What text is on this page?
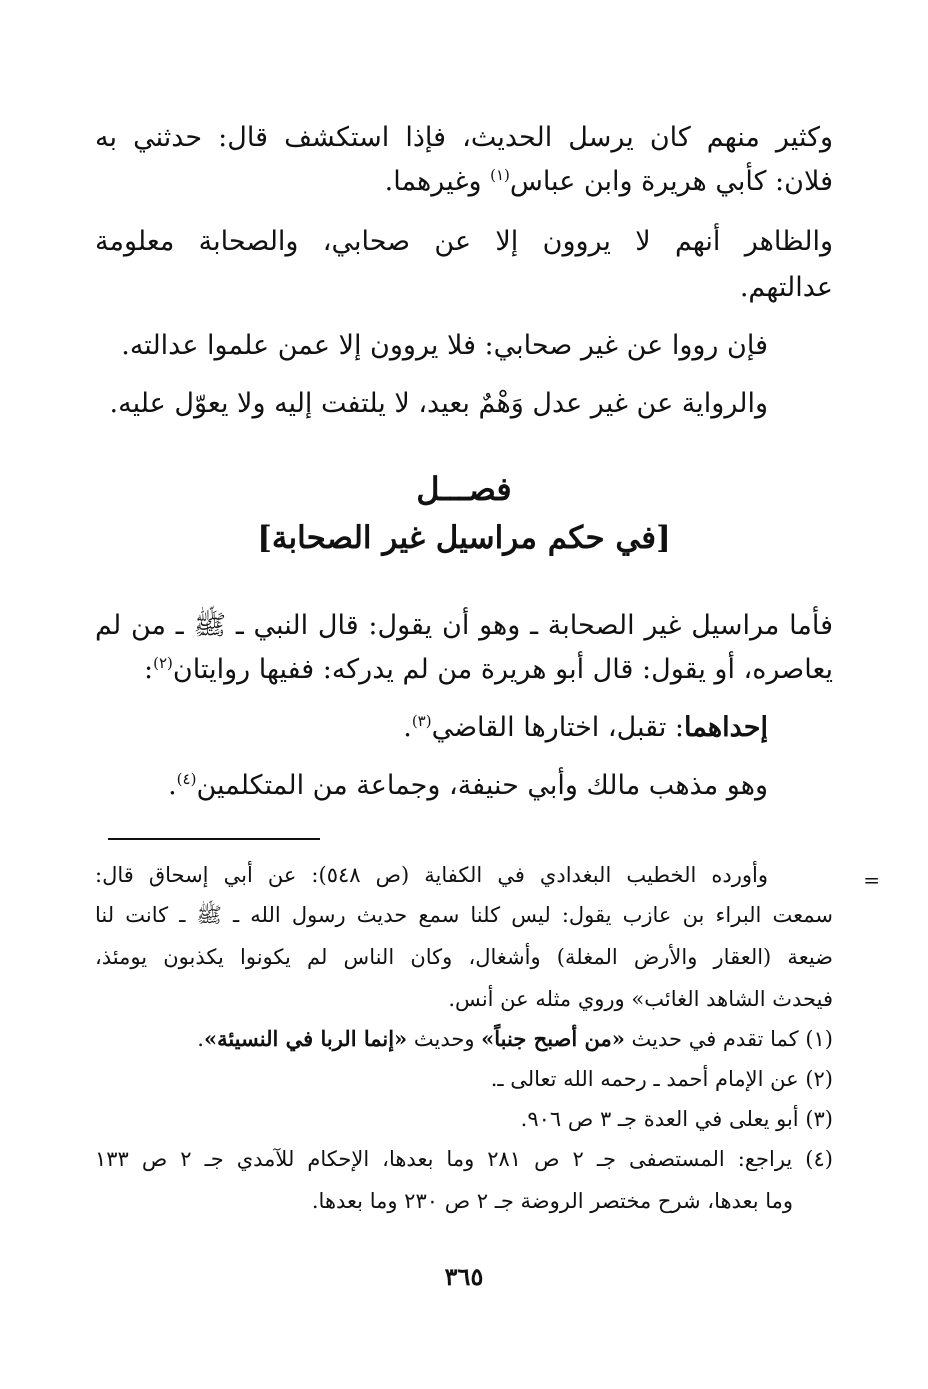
وكثير منهم كان يرسل الحديث، فإذا استكشف قال: حدثني به
فلان: كأبي هريرة وابن عباس$^{(١)}$ وغيرهما.
والظاهر أنهم لا يروون إلا عن صحابي، والصحابة معلومة
عدالتهم.
فإن رووا عن غير صحابي: فلا يروون إلا عمن علموا عدالته.
والرواية عن غير عدل وَهْمٌ بعيد، لا يلتفت إليه ولا يعوّل عليه.
فصـــل
[في حكم مراسيل غير الصحابة]
فأما مراسيل غير الصحابة ـ وهو أن يقول: قال النبي ـ ﷺ ـ من لم
يعاصره، أو يقول: قال أبو هريرة من لم يدركه: ففيها روايتان$^{(٢)}$:
إحداهما: تقبل، اختارها القاضي$^{(٣)}$.
وهو مذهب مالك وأبي حنيفة، وجماعة من المتكلمين$^{(٤)}$.
=
وأورده الخطيب البغدادي في الكفاية (ص ٥٤٨): عن أبي إسحاق قال:
سمعت البراء بن عازب يقول: ليس كلنا سمع حديث رسول الله ـ ﷺ ـ كانت لنا
ضيعة (العقار والأرض المغلة) وأشغال، وكان الناس لم يكونوا يكذبون يومئذ،
فيحدث الشاهد الغائب» وروي مثله عن أنس.
(١) كما تقدم في حديث «من أصبح جنباً» وحديث «إنما الربا في النسيئة».
(٢) عن الإمام أحمد ـ رحمه الله تعالى ـ.
(٣) أبو يعلى في العدة جـ ٣ ص ٩٠٦.
(٤) يراجع: المستصفى جـ ٢ ص ٢٨١ وما بعدها، الإحكام للآمدي جـ ٢ ص ١٣٣
وما بعدها، شرح مختصر الروضة جـ ٢ ص ٢٣٠ وما بعدها.
٣٦٥
